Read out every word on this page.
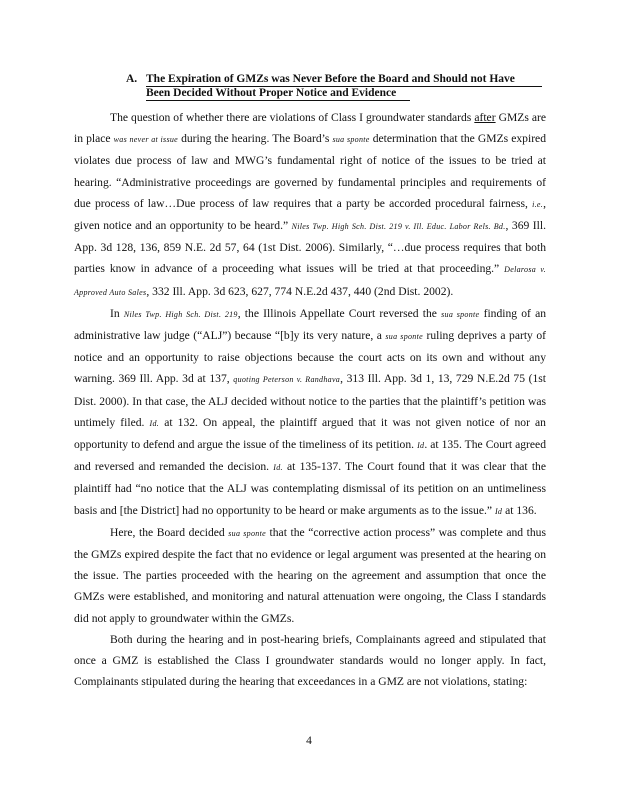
A. The Expiration of GMZs was Never Before the Board and Should not Have
Been Decided Without Proper Notice and Evidence

The question of whether there are violations of Class I groundwater standards after GMZs are in place was never at issue during the hearing. The Board’s sua sponte determination that the GMZs expired violates due process of law and MWG’s fundamental right of notice of the issues to be tried at hearing. “Administrative proceedings are governed by fundamental principles and requirements of due process of law…Due process of law requires that a party be accorded procedural fairness, i.e., given notice and an opportunity to be heard.” Niles Twp. High Sch. Dist. 219 v. Ill. Educ. Labor Rels. Bd., 369 Ill. App. 3d 128, 136, 859 N.E. 2d 57, 64 (1st Dist. 2006). Similarly, “…due process requires that both parties know in advance of a proceeding what issues will be tried at that proceeding.” Delarosa v. Approved Auto Sales, 332 Ill. App. 3d 623, 627, 774 N.E.2d 437, 440 (2nd Dist. 2002).

In Niles Twp. High Sch. Dist. 219, the Illinois Appellate Court reversed the sua sponte finding of an administrative law judge (“ALJ”) because “[b]y its very nature, a sua sponte ruling deprives a party of notice and an opportunity to raise objections because the court acts on its own and without any warning. 369 Ill. App. 3d at 137, quoting Peterson v. Randhava, 313 Ill. App. 3d 1, 13, 729 N.E.2d 75 (1st Dist. 2000). In that case, the ALJ decided without notice to the parties that the plaintiff’s petition was untimely filed. Id. at 132. On appeal, the plaintiff argued that it was not given notice of nor an opportunity to defend and argue the issue of the timeliness of its petition. Id. at 135. The Court agreed and reversed and remanded the decision. Id. at 135-137. The Court found that it was clear that the plaintiff had “no notice that the ALJ was contemplating dismissal of its petition on an untimeliness basis and [the District] had no opportunity to be heard or make arguments as to the issue.” Id at 136.

Here, the Board decided sua sponte that the “corrective action process” was complete and thus the GMZs expired despite the fact that no evidence or legal argument was presented at the hearing on the issue. The parties proceeded with the hearing on the agreement and assumption that once the GMZs were established, and monitoring and natural attenuation were ongoing, the Class I standards did not apply to groundwater within the GMZs.

Both during the hearing and in post-hearing briefs, Complainants agreed and stipulated that once a GMZ is established the Class I groundwater standards would no longer apply. In fact, Complainants stipulated during the hearing that exceedances in a GMZ are not violations, stating:

4
